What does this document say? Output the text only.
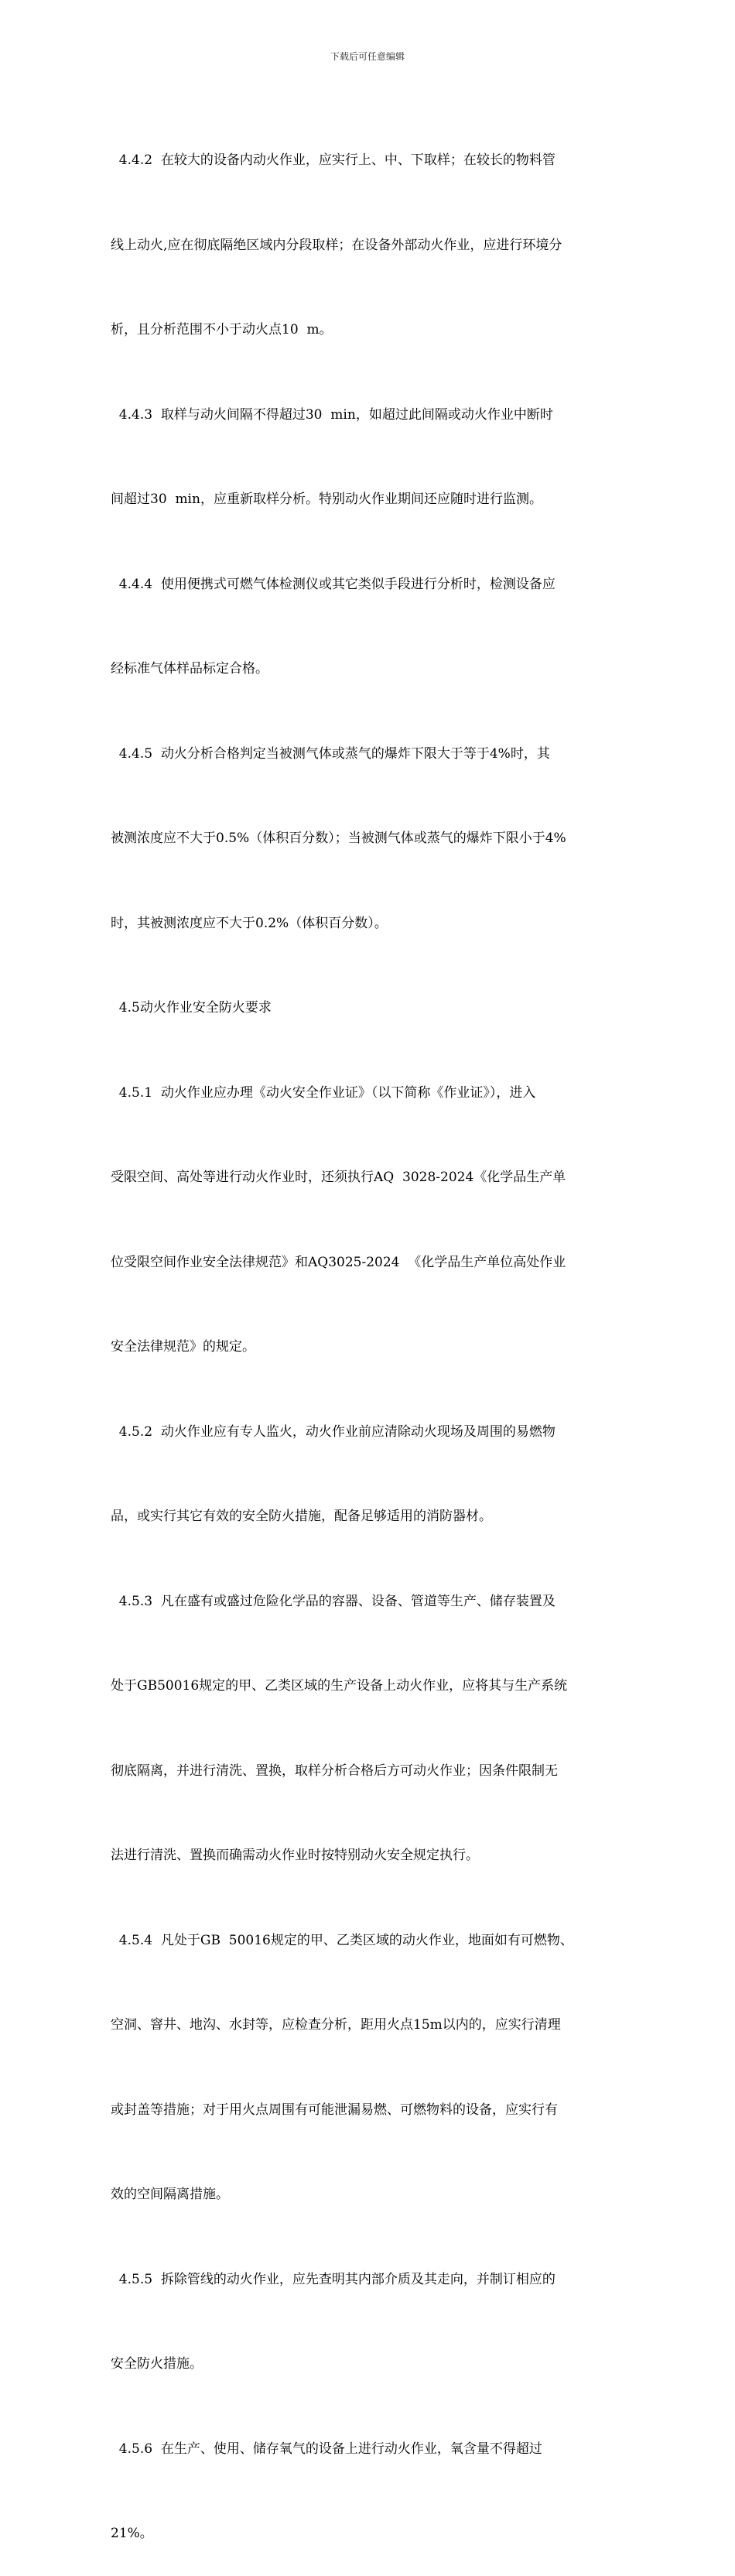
下载后可任意编辑

4.4.2  在较大的设备内动火作业，应实行上、中、下取样；在较长的物料管

线上动火,应在彻底隔绝区域内分段取样；在设备外部动火作业，应进行环境分

析，且分析范围不小于动火点10  m。

4.4.3  取样与动火间隔不得超过30  min，如超过此间隔或动火作业中断时

间超过30  min，应重新取样分析。特别动火作业期间还应随时进行监测。

4.4.4  使用便携式可燃气体检测仪或其它类似手段进行分析时，检测设备应

经标准气体样品标定合格。

4.4.5  动火分析合格判定当被测气体或蒸气的爆炸下限大于等于4%时，其

被测浓度应不大于0.5%（体积百分数）；当被测气体或蒸气的爆炸下限小于4%

时，其被测浓度应不大于0.2%（体积百分数）。

4.5动火作业安全防火要求

4.5.1  动火作业应办理《动火安全作业证》（以下简称《作业证》），进入

受限空间、高处等进行动火作业时，还须执行AQ  3028-2024《化学品生产单

位受限空间作业安全法律规范》和AQ3025-2024  《化学品生产单位高处作业

安全法律规范》的规定。

4.5.2  动火作业应有专人监火，动火作业前应清除动火现场及周围的易燃物

品，或实行其它有效的安全防火措施，配备足够适用的消防器材。

4.5.3  凡在盛有或盛过危险化学品的容器、设备、管道等生产、储存装置及

处于GB50016规定的甲、乙类区域的生产设备上动火作业，应将其与生产系统

彻底隔离，并进行清洗、置换，取样分析合格后方可动火作业；因条件限制无

法进行清洗、置换而确需动火作业时按特别动火安全规定执行。

4.5.4  凡处于GB  50016规定的甲、乙类区域的动火作业，地面如有可燃物、

空洞、窨井、地沟、水封等，应检查分析，距用火点15m以内的，应实行清理

或封盖等措施；对于用火点周围有可能泄漏易燃、可燃物料的设备，应实行有

效的空间隔离措施。

4.5.5  拆除管线的动火作业，应先查明其内部介质及其走向，并制订相应的

安全防火措施。

4.5.6  在生产、使用、储存氧气的设备上进行动火作业，氧含量不得超过

21%。
